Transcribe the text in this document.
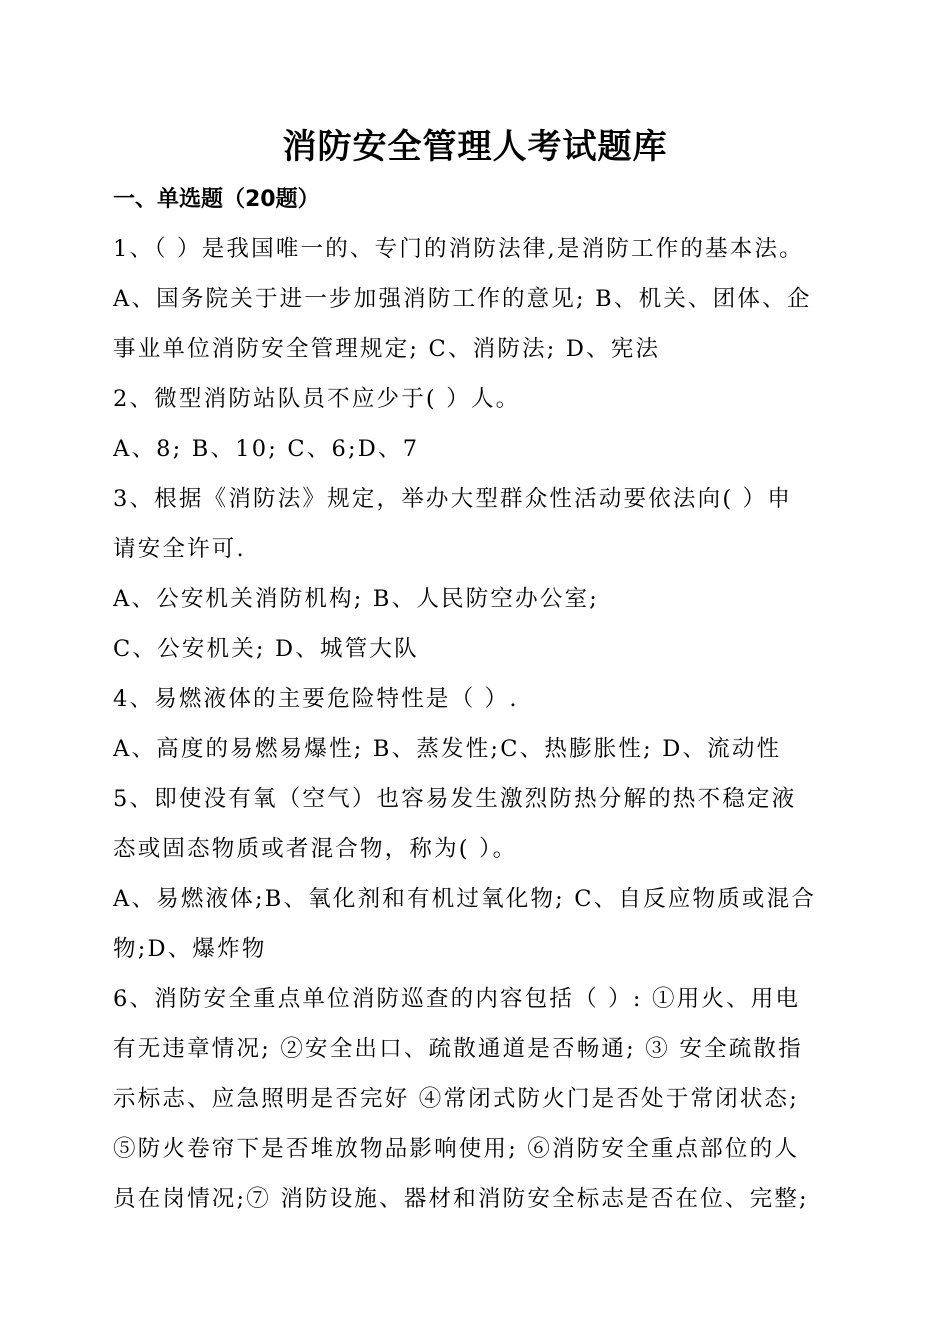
消防安全管理人考试题库
一、单选题（20题）
1、（ ）是我国唯一的、专门的消防法律,是消防工作的基本法。
A、国务院关于进一步加强消防工作的意见; B、机关、团体、企
事业单位消防安全管理规定; C、消防法; D、宪法
2、微型消防站队员不应少于( ）人。
A、8; B、10; C、6;D、7
3、根据《消防法》规定，举办大型群众性活动要依法向( ）申
请安全许可.
A、公安机关消防机构; B、人民防空办公室;
C、公安机关; D、城管大队
4、易燃液体的主要危险特性是（ ）.
A、高度的易燃易爆性; B、蒸发性;C、热膨胀性; D、流动性
5、即使没有氧（空气）也容易发生激烈防热分解的热不稳定液
态或固态物质或者混合物，称为( ）。
A、易燃液体;B、氧化剂和有机过氧化物; C、自反应物质或混合
物;D、爆炸物
6、消防安全重点单位消防巡查的内容包括（ ）: ①用火、用电
有无违章情况; ②安全出口、疏散通道是否畅通; ③ 安全疏散指
示标志、应急照明是否完好 ④常闭式防火门是否处于常闭状态;
⑤防火卷帘下是否堆放物品影响使用; ⑥消防安全重点部位的人
员在岗情况;⑦ 消防设施、器材和消防安全标志是否在位、完整;
